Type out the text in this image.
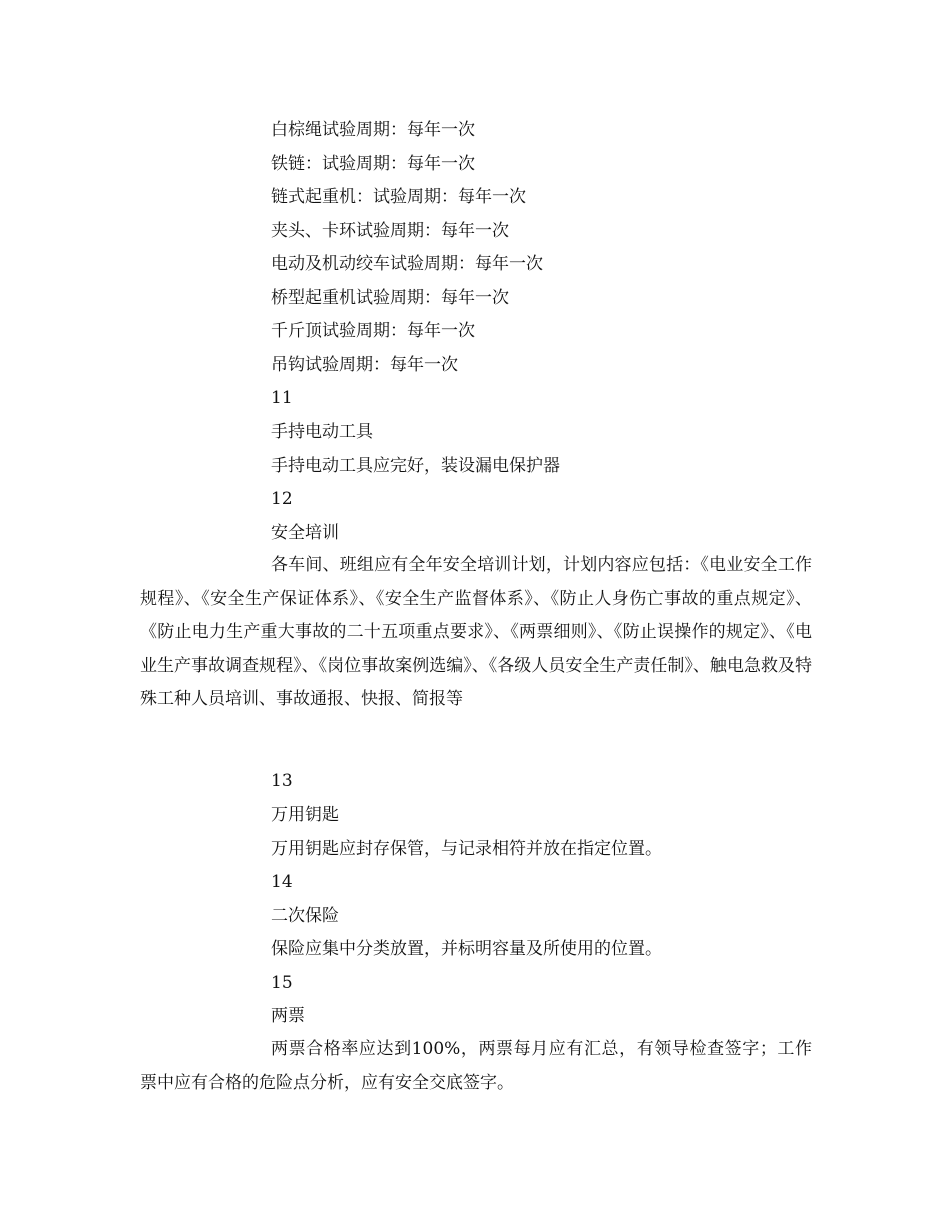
白棕绳试验周期：每年一次
铁链：试验周期：每年一次
链式起重机：试验周期：每年一次
夹头、卡环试验周期：每年一次
电动及机动绞车试验周期：每年一次
桥型起重机试验周期：每年一次
千斤顶试验周期：每年一次
吊钩试验周期：每年一次
11
手持电动工具
手持电动工具应完好，装设漏电保护器
12
安全培训
各车间、班组应有全年安全培训计划，计划内容应包括：《电业安全工作规程》、《安全生产保证体系》、《安全生产监督体系》、《防止人身伤亡事故的重点规定》、《防止电力生产重大事故的二十五项重点要求》、《两票细则》、《防止误操作的规定》、《电业生产事故调查规程》、《岗位事故案例选编》、《各级人员安全生产责任制》、触电急救及特殊工种人员培训、事故通报、快报、简报等
13
万用钥匙
万用钥匙应封存保管，与记录相符并放在指定位置。
14
二次保险
保险应集中分类放置，并标明容量及所使用的位置。
15
两票
两票合格率应达到100%，两票每月应有汇总，有领导检查签字；工作票中应有合格的危险点分析，应有安全交底签字。
